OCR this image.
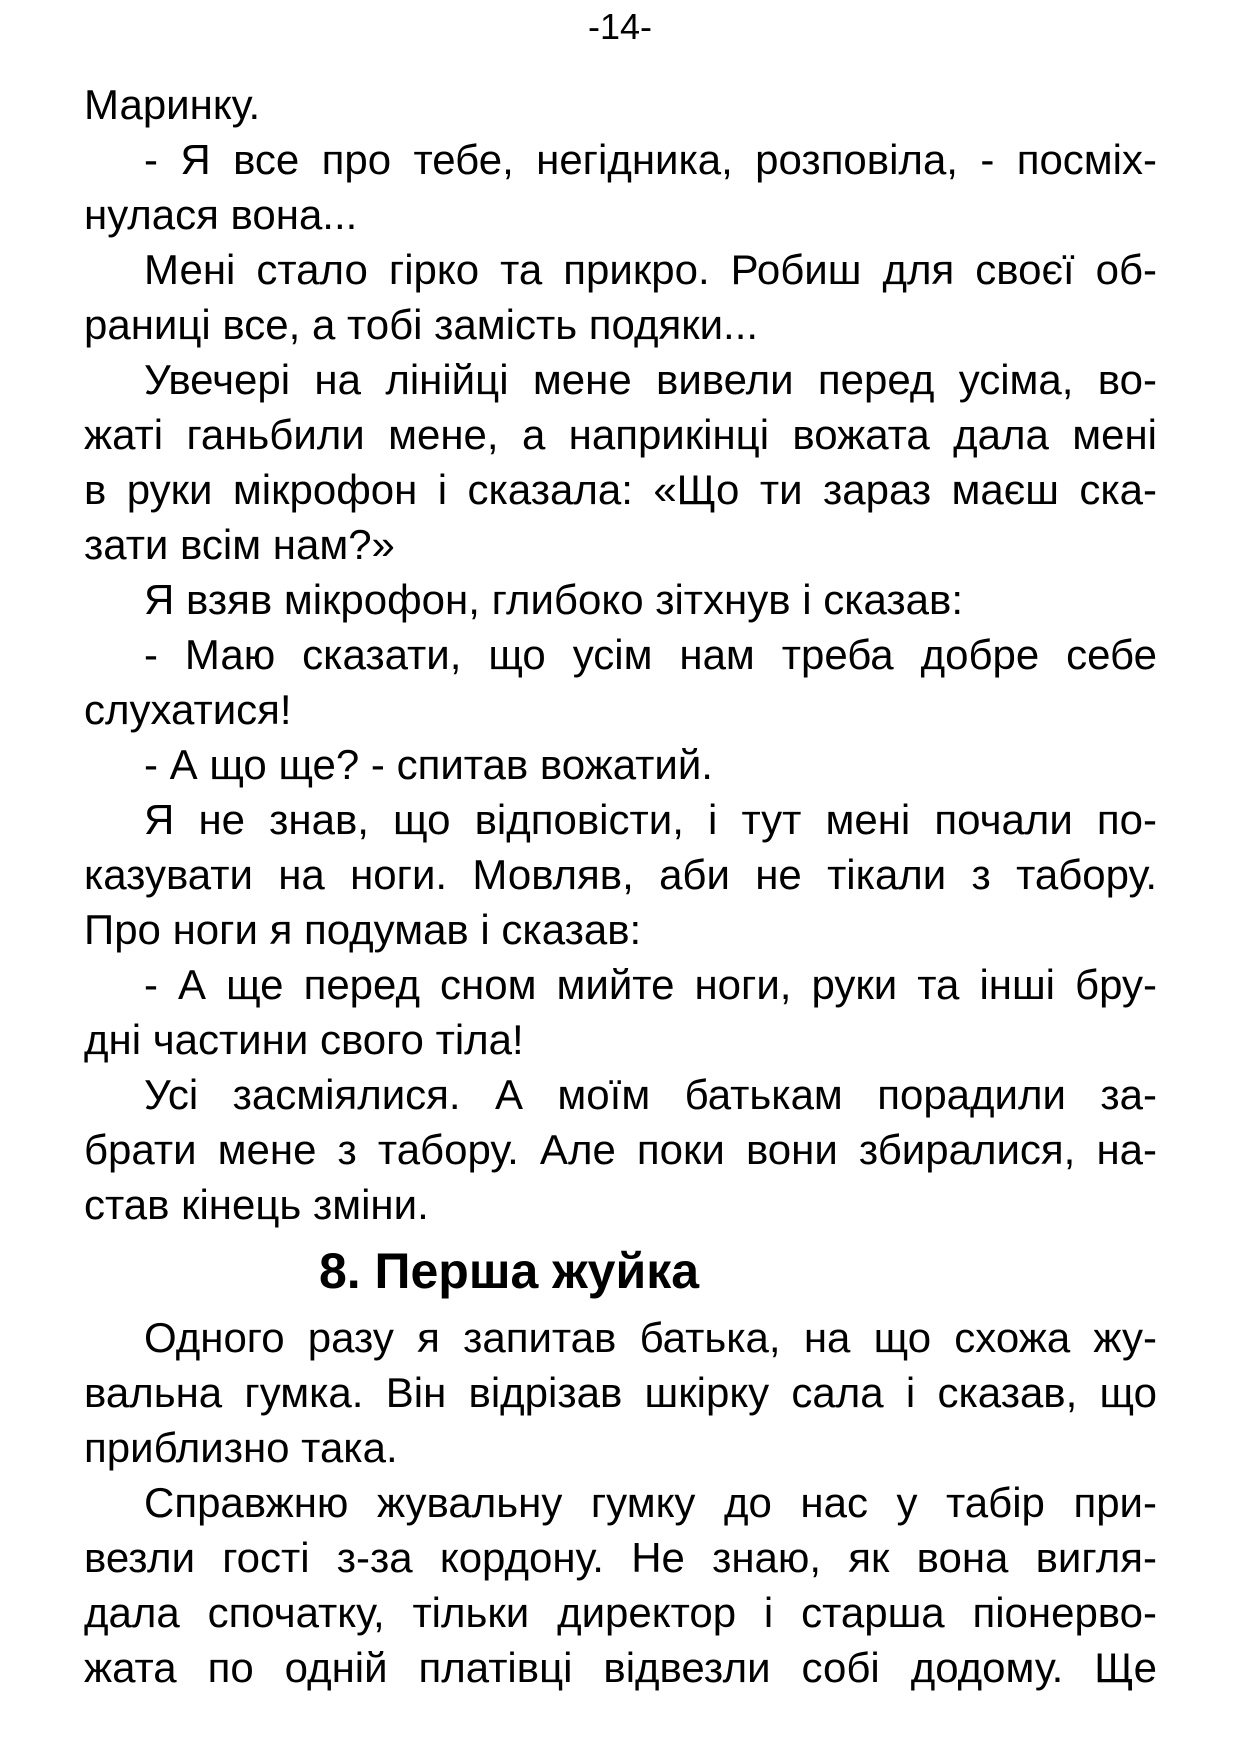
-14-
Маринку.
- Я все про тебе, негідника, розповіла, - посміх-
нулася вона...
Мені стало гірко та прикро. Робиш для своєї об-
раниці все, а тобі замість подяки...
Увечері на лінійці мене вивели перед усіма, во-
жаті ганьбили мене, а наприкінці вожата дала мені
в руки мікрофон і сказала: «Що ти зараз маєш ска-
зати всім нам?»
Я взяв мікрофон, глибоко зітхнув і сказав:
- Маю сказати, що усім нам треба добре себе
слухатися!
- А що ще? - спитав вожатий.
Я не знав, що відповісти, і тут мені почали по-
казувати на ноги. Мовляв, аби не тікали з табору.
Про ноги я подумав і сказав:
- А ще перед сном мийте ноги, руки та інші бру-
дні частини свого тіла!
Усі засміялися. А моїм батькам порадили за-
брати мене з табору. Але поки вони збиралися, на-
став кінець зміни.
8. Перша жуйка
Одного разу я запитав батька, на що схожа жу-
вальна гумка. Він відрізав шкірку сала і сказав, що
приблизно така.
Справжню жувальну гумку до нас у табір при-
везли гості з-за кордону. Не знаю, як вона вигля-
дала спочатку, тільки директор і старша піонерво-
жата по одній платівці відвезли собі додому. Ще
